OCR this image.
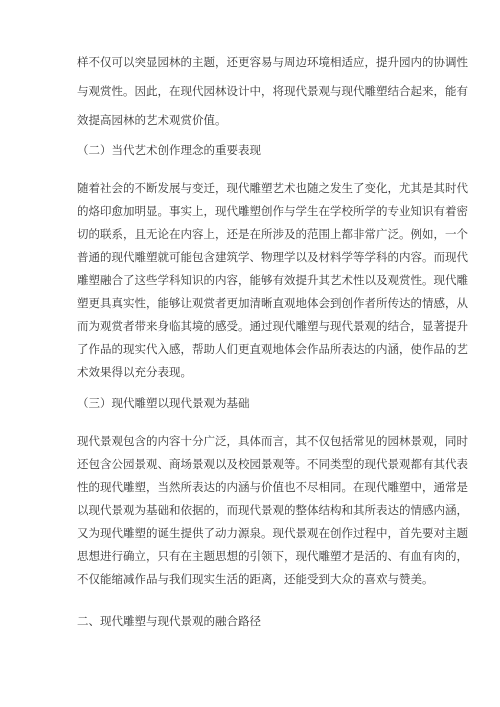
样不仅可以突显园林的主题，还更容易与周边环境相适应，提升园内的协调性
与观赏性。因此，在现代园林设计中，将现代景观与现代雕塑结合起来，能有
效提高园林的艺术观赏价值。
（二）当代艺术创作理念的重要表现
随着社会的不断发展与变迁，现代雕塑艺术也随之发生了变化，尤其是其时代
的烙印愈加明显。事实上，现代雕塑创作与学生在学校所学的专业知识有着密
切的联系，且无论在内容上，还是在所涉及的范围上都非常广泛。例如，一个
普通的现代雕塑就可能包含建筑学、物理学以及材料学等学科的内容。而现代
雕塑融合了这些学科知识的内容，能够有效提升其艺术性以及观赏性。现代雕
塑更具真实性，能够让观赏者更加清晰直观地体会到创作者所传达的情感，从
而为观赏者带来身临其境的感受。通过现代雕塑与现代景观的结合，显著提升
了作品的现实代入感，帮助人们更直观地体会作品所表达的内涵，使作品的艺
术效果得以充分表现。
（三）现代雕塑以现代景观为基础
现代景观包含的内容十分广泛，具体而言，其不仅包括常见的园林景观，同时
还包含公园景观、商场景观以及校园景观等。不同类型的现代景观都有其代表
性的现代雕塑，当然所表达的内涵与价值也不尽相同。在现代雕塑中，通常是
以现代景观为基础和依据的，而现代景观的整体结构和其所表达的情感内涵，
又为现代雕塑的诞生提供了动力源泉。现代景观在创作过程中，首先要对主题
思想进行确立，只有在主题思想的引领下，现代雕塑才是活的、有血有肉的，
不仅能缩减作品与我们现实生活的距离，还能受到大众的喜欢与赞美。
二、现代雕塑与现代景观的融合路径
